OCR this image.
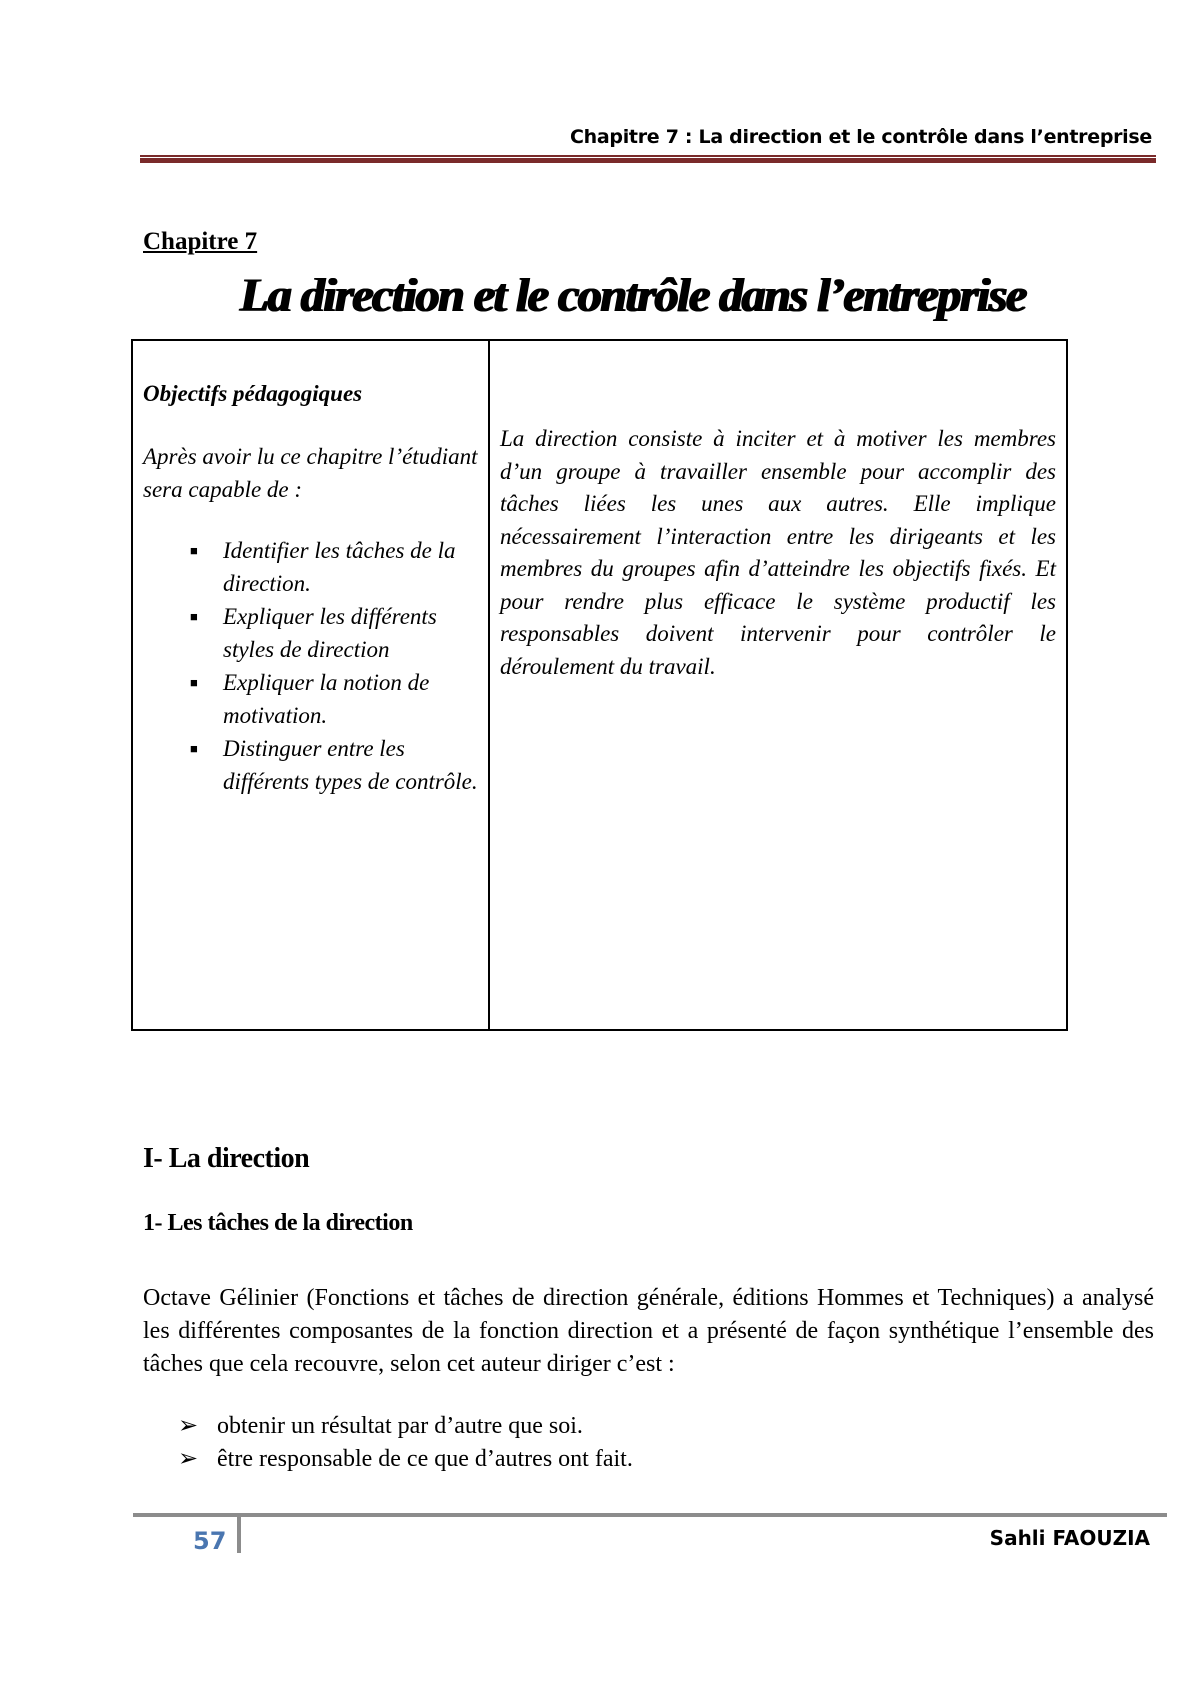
Chapitre 7 : La direction et le contrôle dans l’entreprise
Chapitre 7
La direction et le contrôle dans l’entreprise
Objectifs pédagogiques
Après avoir lu ce chapitre l’étudiant sera capable de :
■ Identifier les tâches de la direction.
■ Expliquer les différents styles de direction
■ Expliquer la notion de motivation.
■ Distinguer entre les différents types de contrôle.
La direction consiste à inciter et à motiver les membres d’un groupe à travailler ensemble pour accomplir des tâches liées les unes aux autres. Elle implique nécessairement l’interaction entre les dirigeants et les membres du groupes afin d’atteindre les objectifs fixés. Et pour rendre plus efficace le système productif les responsables doivent intervenir pour contrôler le déroulement du travail.
I- La direction
1- Les tâches de la direction
Octave Gélinier (Fonctions et tâches de direction générale, éditions Hommes et Techniques) a analysé les différentes composantes de la fonction direction et a présenté de façon synthétique l’ensemble des tâches que cela recouvre, selon cet auteur diriger c’est :
➢ obtenir un résultat par d’autre que soi.
➢ être responsable de ce que d’autres ont fait.
57	Sahli FAOUZIA
